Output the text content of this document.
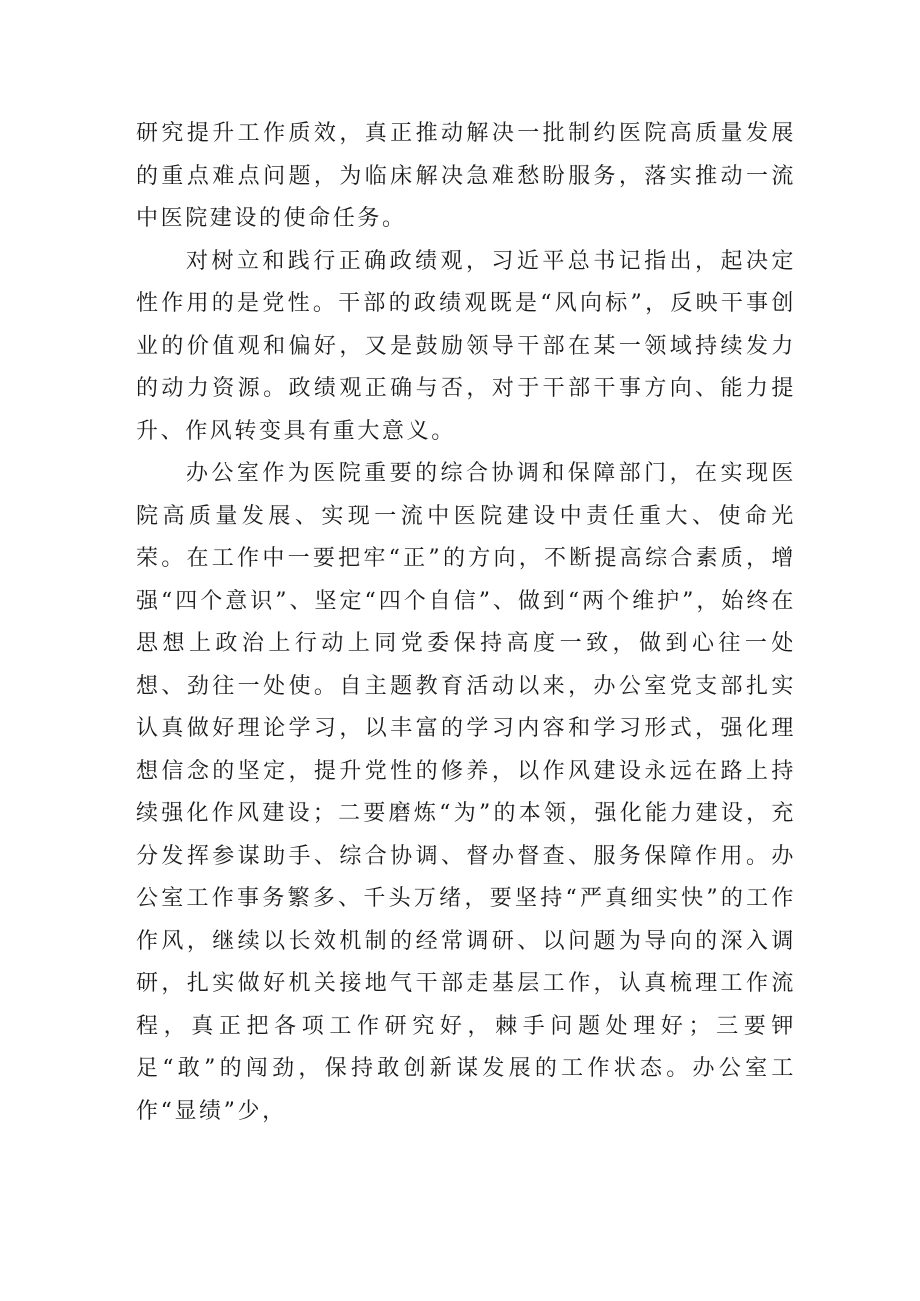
研究提升工作质效，真正推动解决一批制约医院高质量发展的重点难点问题，为临床解决急难愁盼服务，落实推动一流中医院建设的使命任务。

对树立和践行正确政绩观，习近平总书记指出，起决定性作用的是党性。干部的政绩观既是“风向标”，反映干事创业的价值观和偏好，又是鼓励领导干部在某一领域持续发力的动力资源。政绩观正确与否，对于干部干事方向、能力提升、作风转变具有重大意义。

办公室作为医院重要的综合协调和保障部门，在实现医院高质量发展、实现一流中医院建设中责任重大、使命光荣。在工作中一要把牢“正”的方向，不断提高综合素质，增强“四个意识”、坚定“四个自信”、做到“两个维护”，始终在思想上政治上行动上同党委保持高度一致，做到心往一处想、劲往一处使。自主题教育活动以来，办公室党支部扎实认真做好理论学习，以丰富的学习内容和学习形式，强化理想信念的坚定，提升党性的修养，以作风建设永远在路上持续强化作风建设；二要磨炼“为”的本领，强化能力建设，充分发挥参谋助手、综合协调、督办督查、服务保障作用。办公室工作事务繁多、千头万绪，要坚持“严真细实快”的工作作风，继续以长效机制的经常调研、以问题为导向的深入调研，扎实做好机关接地气干部走基层工作，认真梳理工作流程，真正把各项工作研究好，棘手问题处理好；三要钾足“敢”的闯劲，保持敢创新谋发展的工作状态。办公室工作“显绩”少，
